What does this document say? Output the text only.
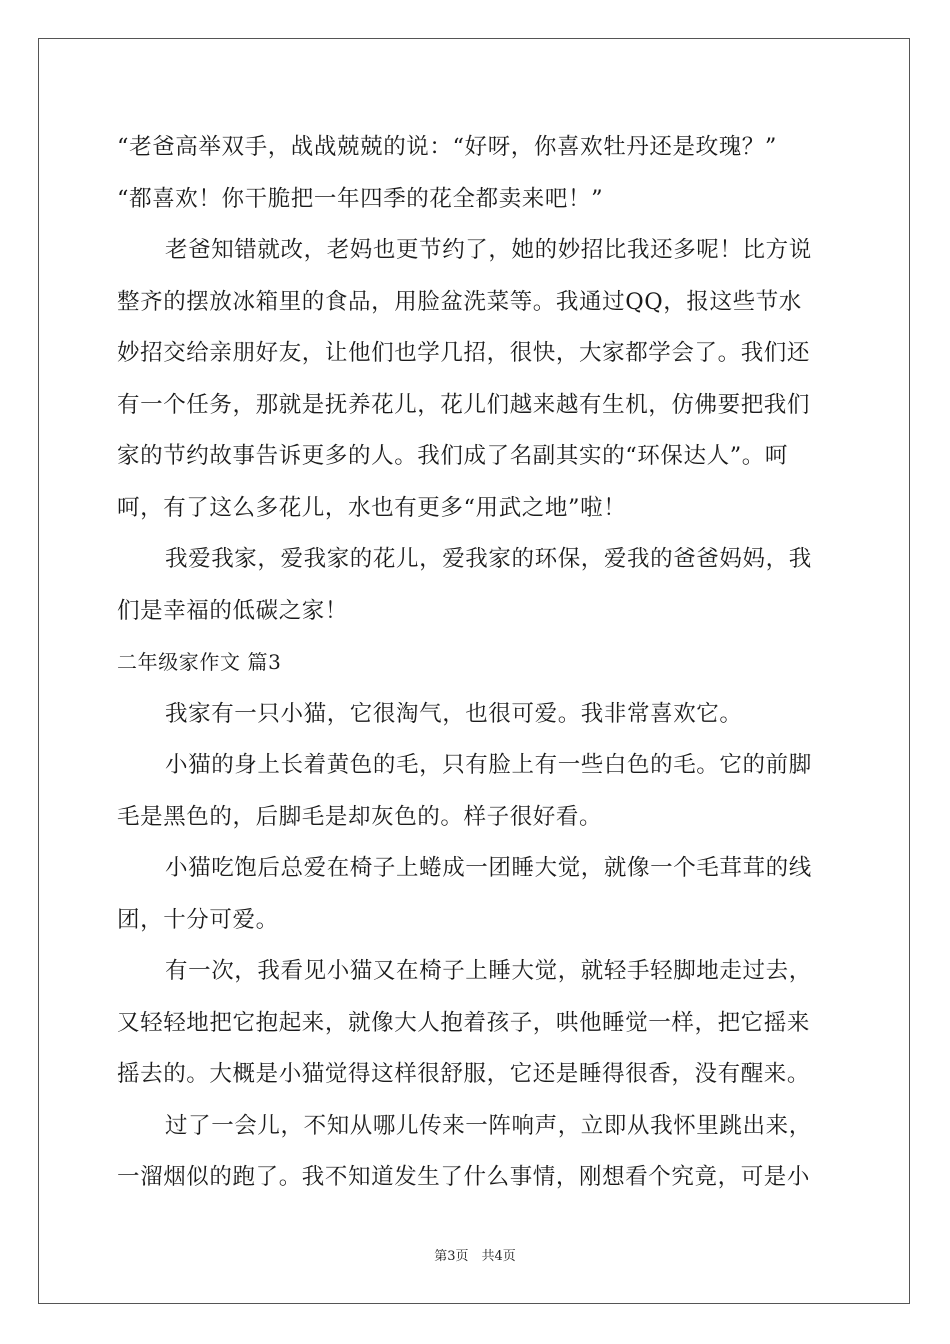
“老爸高举双手，战战兢兢的说：“好呀，你喜欢牡丹还是玫瑰？”
“都喜欢！你干脆把一年四季的花全都卖来吧！”
老爸知错就改，老妈也更节约了，她的妙招比我还多呢！比方说
整齐的摆放冰箱里的食品，用脸盆洗菜等。我通过QQ，报这些节水
妙招交给亲朋好友，让他们也学几招，很快，大家都学会了。我们还
有一个任务，那就是抚养花儿，花儿们越来越有生机，仿佛要把我们
家的节约故事告诉更多的人。我们成了名副其实的“环保达人”。呵
呵，有了这么多花儿，水也有更多“用武之地”啦！
我爱我家，爱我家的花儿，爱我家的环保，爱我的爸爸妈妈，我
们是幸福的低碳之家！
二年级家作文 篇3
我家有一只小猫，它很淘气，也很可爱。我非常喜欢它。
小猫的身上长着黄色的毛，只有脸上有一些白色的毛。它的前脚
毛是黑色的，后脚毛是却灰色的。样子很好看。
小猫吃饱后总爱在椅子上蜷成一团睡大觉，就像一个毛茸茸的线
团，十分可爱。
有一次，我看见小猫又在椅子上睡大觉，就轻手轻脚地走过去，
又轻轻地把它抱起来，就像大人抱着孩子，哄他睡觉一样，把它摇来
摇去的。大概是小猫觉得这样很舒服，它还是睡得很香，没有醒来。
过了一会儿，不知从哪儿传来一阵响声，立即从我怀里跳出来，
一溜烟似的跑了。我不知道发生了什么事情，刚想看个究竟，可是小
第3页　共4页
